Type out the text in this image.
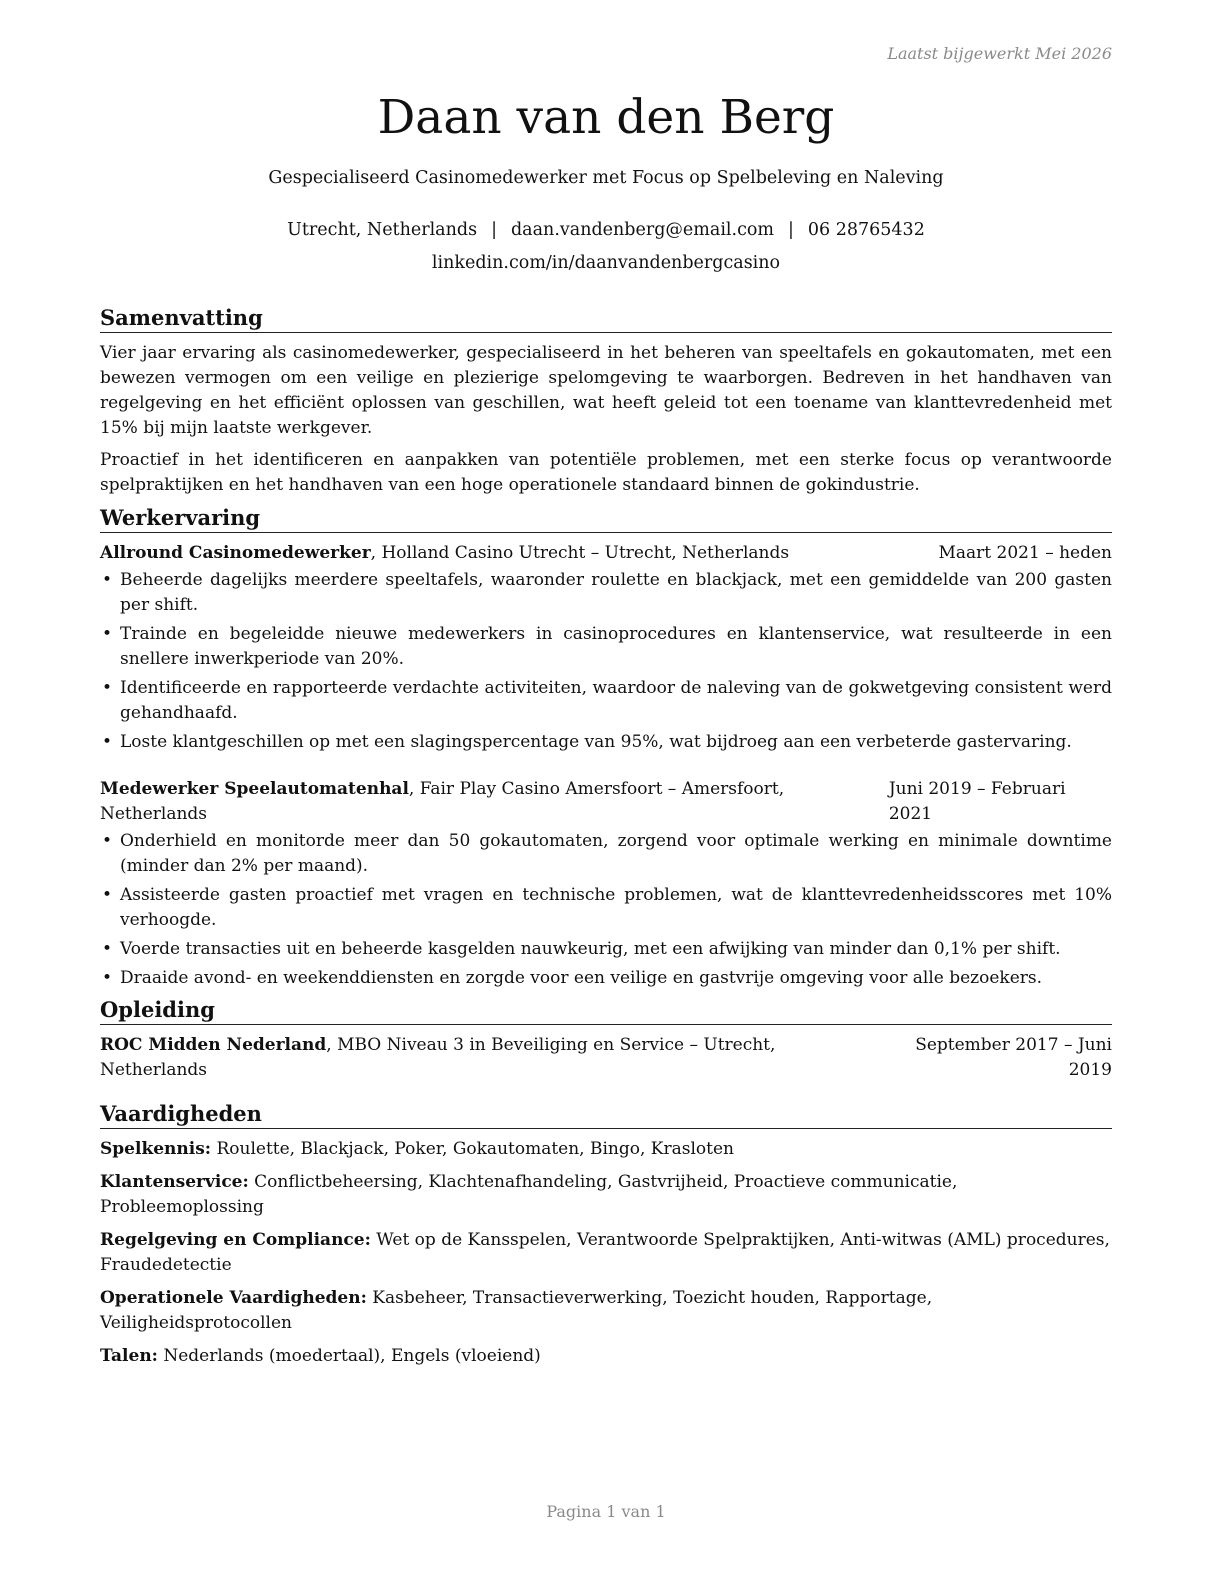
Laatst bijgewerkt Mei 2026
Daan van den Berg
Gespecialiseerd Casinomedewerker met Focus op Spelbeleving en Naleving
Utrecht, Netherlands | daan.vandenberg@email.com | 06 28765432
linkedin.com/in/daanvandenbergcasino
Samenvatting

Vier jaar ervaring als casinomedewerker, gespecialiseerd in het beheren van speeltafels en gokautomaten, met een bewezen vermogen om een veilige en plezierige spelomgeving te waarborgen. Bedreven in het handhaven van regelgeving en het efficiënt oplossen van geschillen, wat heeft geleid tot een toename van klanttevredenheid met 15% bij mijn laatste werkgever.

Proactief in het identificeren en aanpakken van potentiële problemen, met een sterke focus op verantwoorde spelpraktijken en het handhaven van een hoge operationele standaard binnen de gokindustrie.

Werkervaring
Allround Casinomedewerker, Holland Casino Utrecht – Utrecht, Netherlands	Maart 2021 – heden
• Beheerde dagelijks meerdere speeltafels, waaronder roulette en blackjack, met een gemiddelde van 200 gasten per shift.
• Trainde en begeleidde nieuwe medewerkers in casinoprocedures en klantenservice, wat resulteerde in een snellere inwerkperiode van 20%.
• Identificeerde en rapporteerde verdachte activiteiten, waardoor de naleving van de gokwetgeving consistent werd gehandhaafd.
• Loste klantgeschillen op met een slagingspercentage van 95%, wat bijdroeg aan een verbeterde gastervaring.
Medewerker Speelautomatenhal, Fair Play Casino Amersfoort – Amersfoort, Netherlands
Juni 2019 – Februari 2021
• Onderhield en monitorde meer dan 50 gokautomaten, zorgend voor optimale werking en minimale downtime (minder dan 2% per maand).
• Assisteerde gasten proactief met vragen en technische problemen, wat de klanttevredenheidsscores met 10% verhoogde.
• Voerde transacties uit en beheerde kasgelden nauwkeurig, met een afwijking van minder dan 0,1% per shift.
• Draaide avond- en weekenddiensten en zorgde voor een veilige en gastvrije omgeving voor alle bezoekers.
Opleiding
ROC Midden Nederland, MBO Niveau 3 in Beveiliging en Service – Utrecht, Netherlands
September 2017 – Juni 2019
Vaardigheden
Spelkennis: Roulette, Blackjack, Poker, Gokautomaten, Bingo, Krasloten
Klantenservice: Conflictbeheersing, Klachtenafhandeling, Gastvrijheid, Proactieve communicatie, Probleemoplossing
Regelgeving en Compliance: Wet op de Kansspelen, Verantwoorde Spelpraktijken, Anti-witwas (AML) procedures, Fraudedetectie
Operationele Vaardigheden: Kasbeheer, Transactieverwerking, Toezicht houden, Rapportage, Veiligheidsprotocollen
Talen: Nederlands (moedertaal), Engels (vloeiend)
Pagina 1 van 1
